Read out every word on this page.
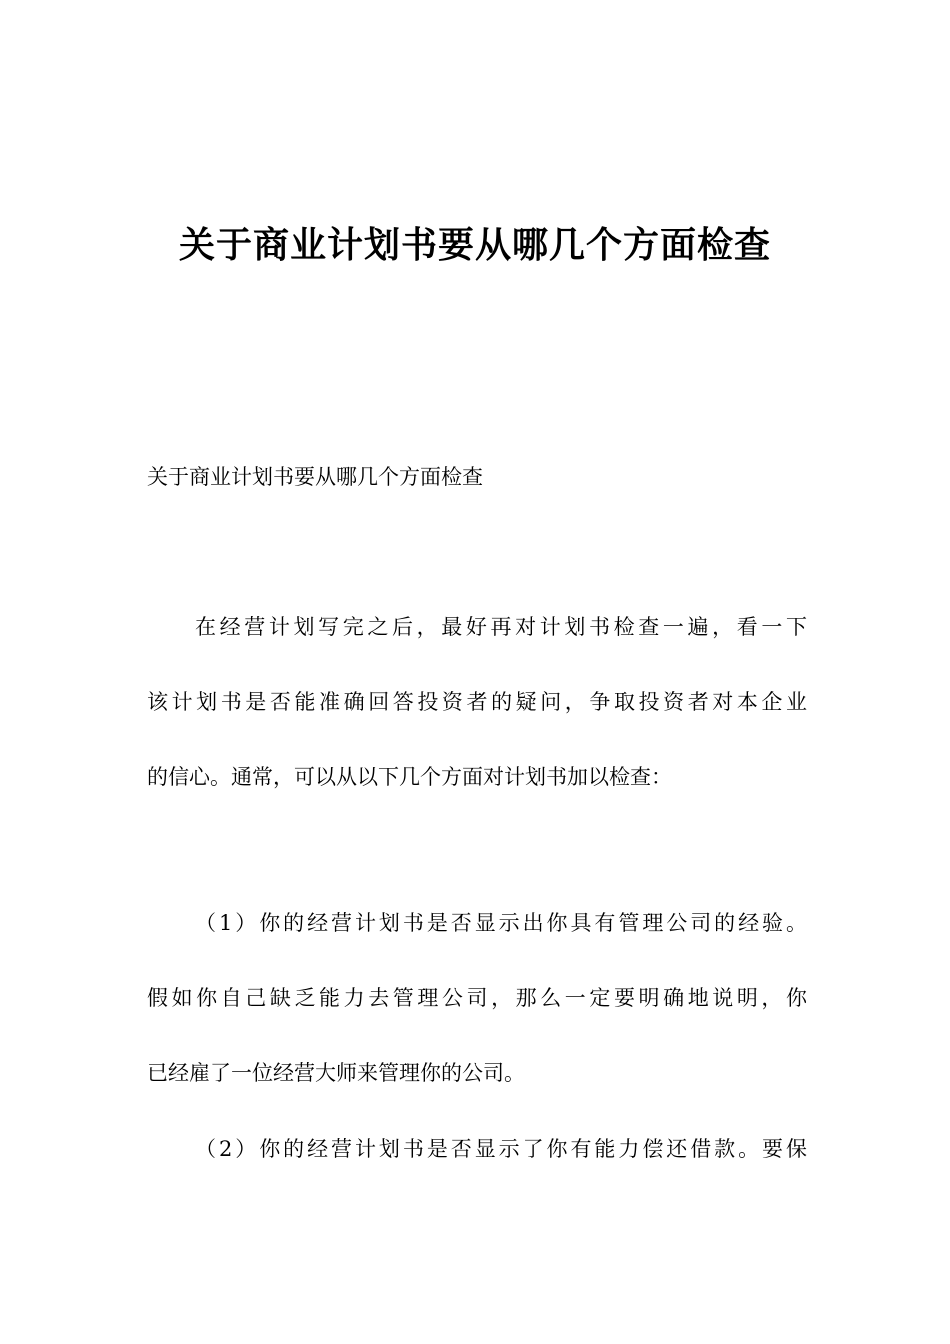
关于商业计划书要从哪几个方面检查

关于商业计划书要从哪几个方面检查

在经营计划写完之后，最好再对计划书检查一遍，看一下
该计划书是否能准确回答投资者的疑问，争取投资者对本企业
的信心。通常，可以从以下几个方面对计划书加以检查：
（1）你的经营计划书是否显示出你具有管理公司的经验。
假如你自己缺乏能力去管理公司，那么一定要明确地说明，你
已经雇了一位经营大师来管理你的公司。
（2）你的经营计划书是否显示了你有能力偿还借款。要保
